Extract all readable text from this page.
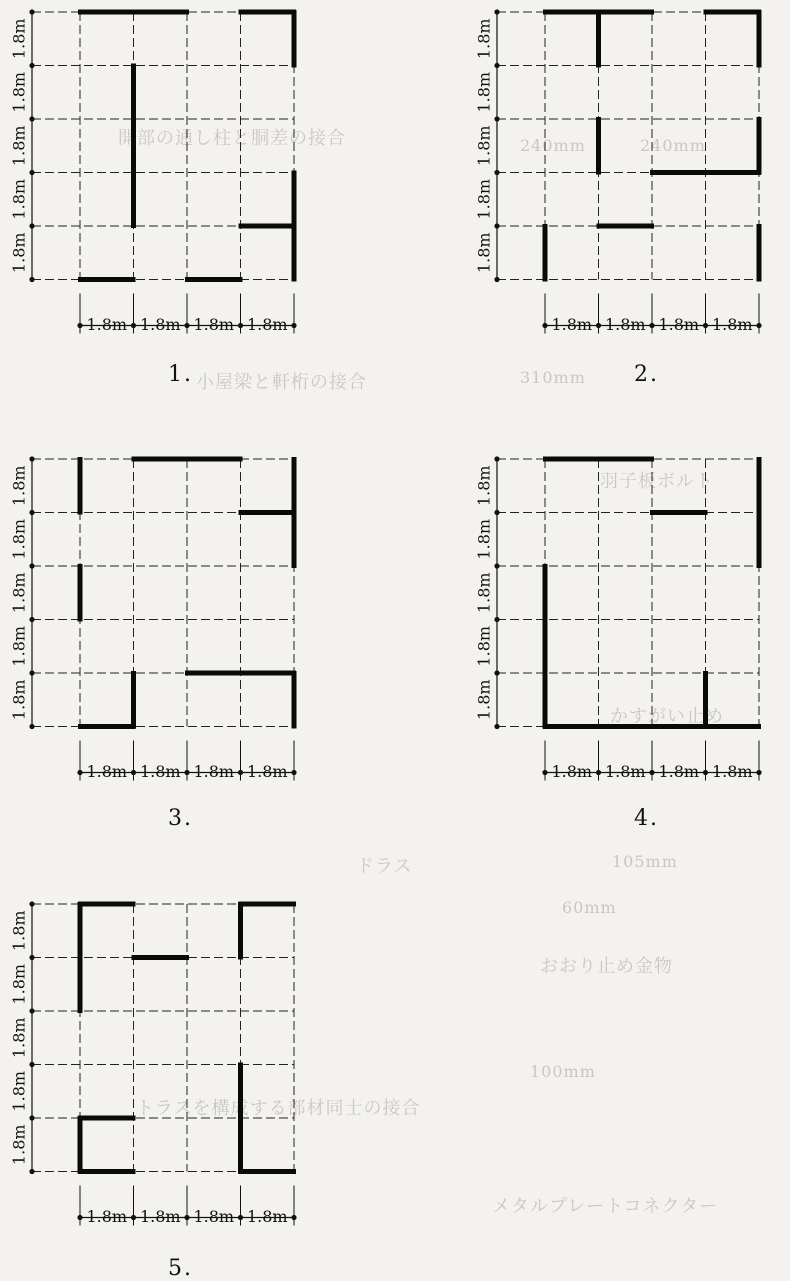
開部の通し柱と胴差の接合	240mm	240mm
小屋梁と軒桁の接合	310mm
羽子板ボルト
かすがい止め
ドラス	105mm
60mm
おおり止め金物
トラスを構成する部材同士の接合
100mm
メタルプレートコネクター
1.8m
1.8m
1.8m
1.8m
1.8m
1.8m 1.8m 1.8m 1.8m
1.8m
1.8m
1.8m
1.8m
1.8m
1.8m 1.8m 1.8m 1.8m
1.8m
1.8m
1.8m
1.8m
1.8m
1.8m 1.8m 1.8m 1.8m
1.8m
1.8m
1.8m
1.8m
1.8m
1.8m 1.8m 1.8m 1.8m
1.8m
1.8m
1.8m
1.8m
1.8m
1.8m 1.8m 1.8m 1.8m
1.	2.
3.	4.
5.
